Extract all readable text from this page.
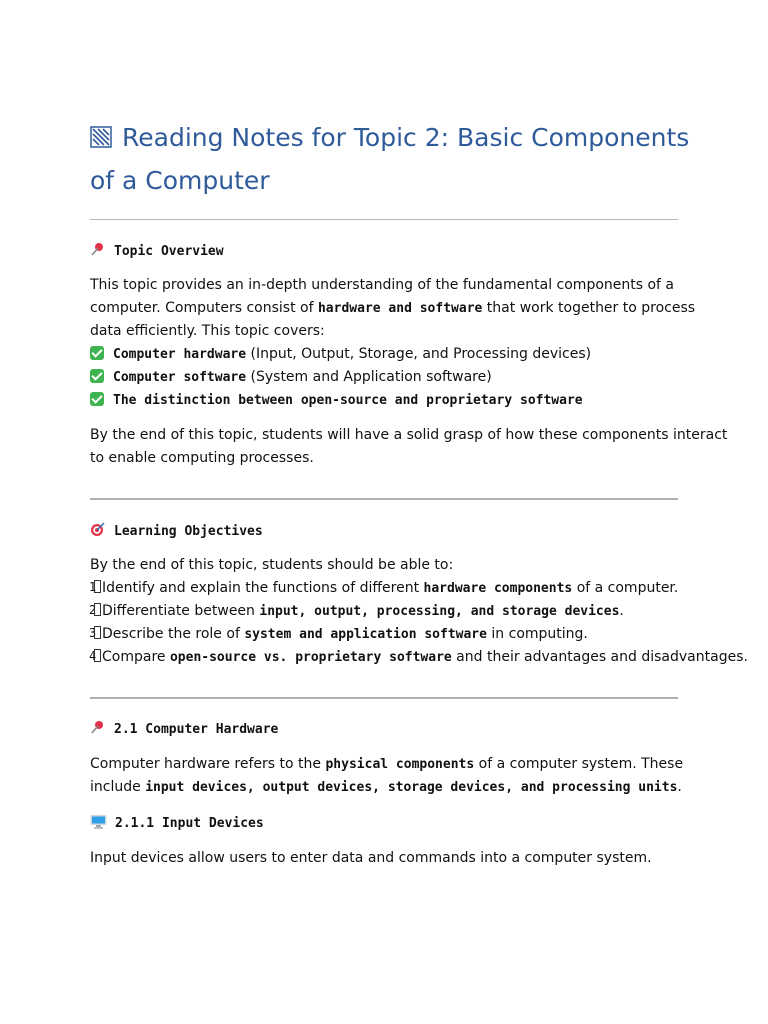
Reading Notes for Topic 2: Basic Components
of a Computer
Topic Overview
This topic provides an in-depth understanding of the fundamental components of a
computer. Computers consist of hardware and software that work together to process
data efficiently. This topic covers:
Computer hardware (Input, Output, Storage, and Processing devices)
Computer software (System and Application software)
The distinction between open-source and proprietary software
By the end of this topic, students will have a solid grasp of how these components interact
to enable computing processes.
Learning Objectives
By the end of this topic, students should be able to:
1 Identify and explain the functions of different hardware components of a computer.
2 Differentiate between input, output, processing, and storage devices.
3 Describe the role of system and application software in computing.
4 Compare open-source vs. proprietary software and their advantages and disadvantages.
2.1 Computer Hardware
Computer hardware refers to the physical components of a computer system. These
include input devices, output devices, storage devices, and processing units.
2.1.1 Input Devices
Input devices allow users to enter data and commands into a computer system.
